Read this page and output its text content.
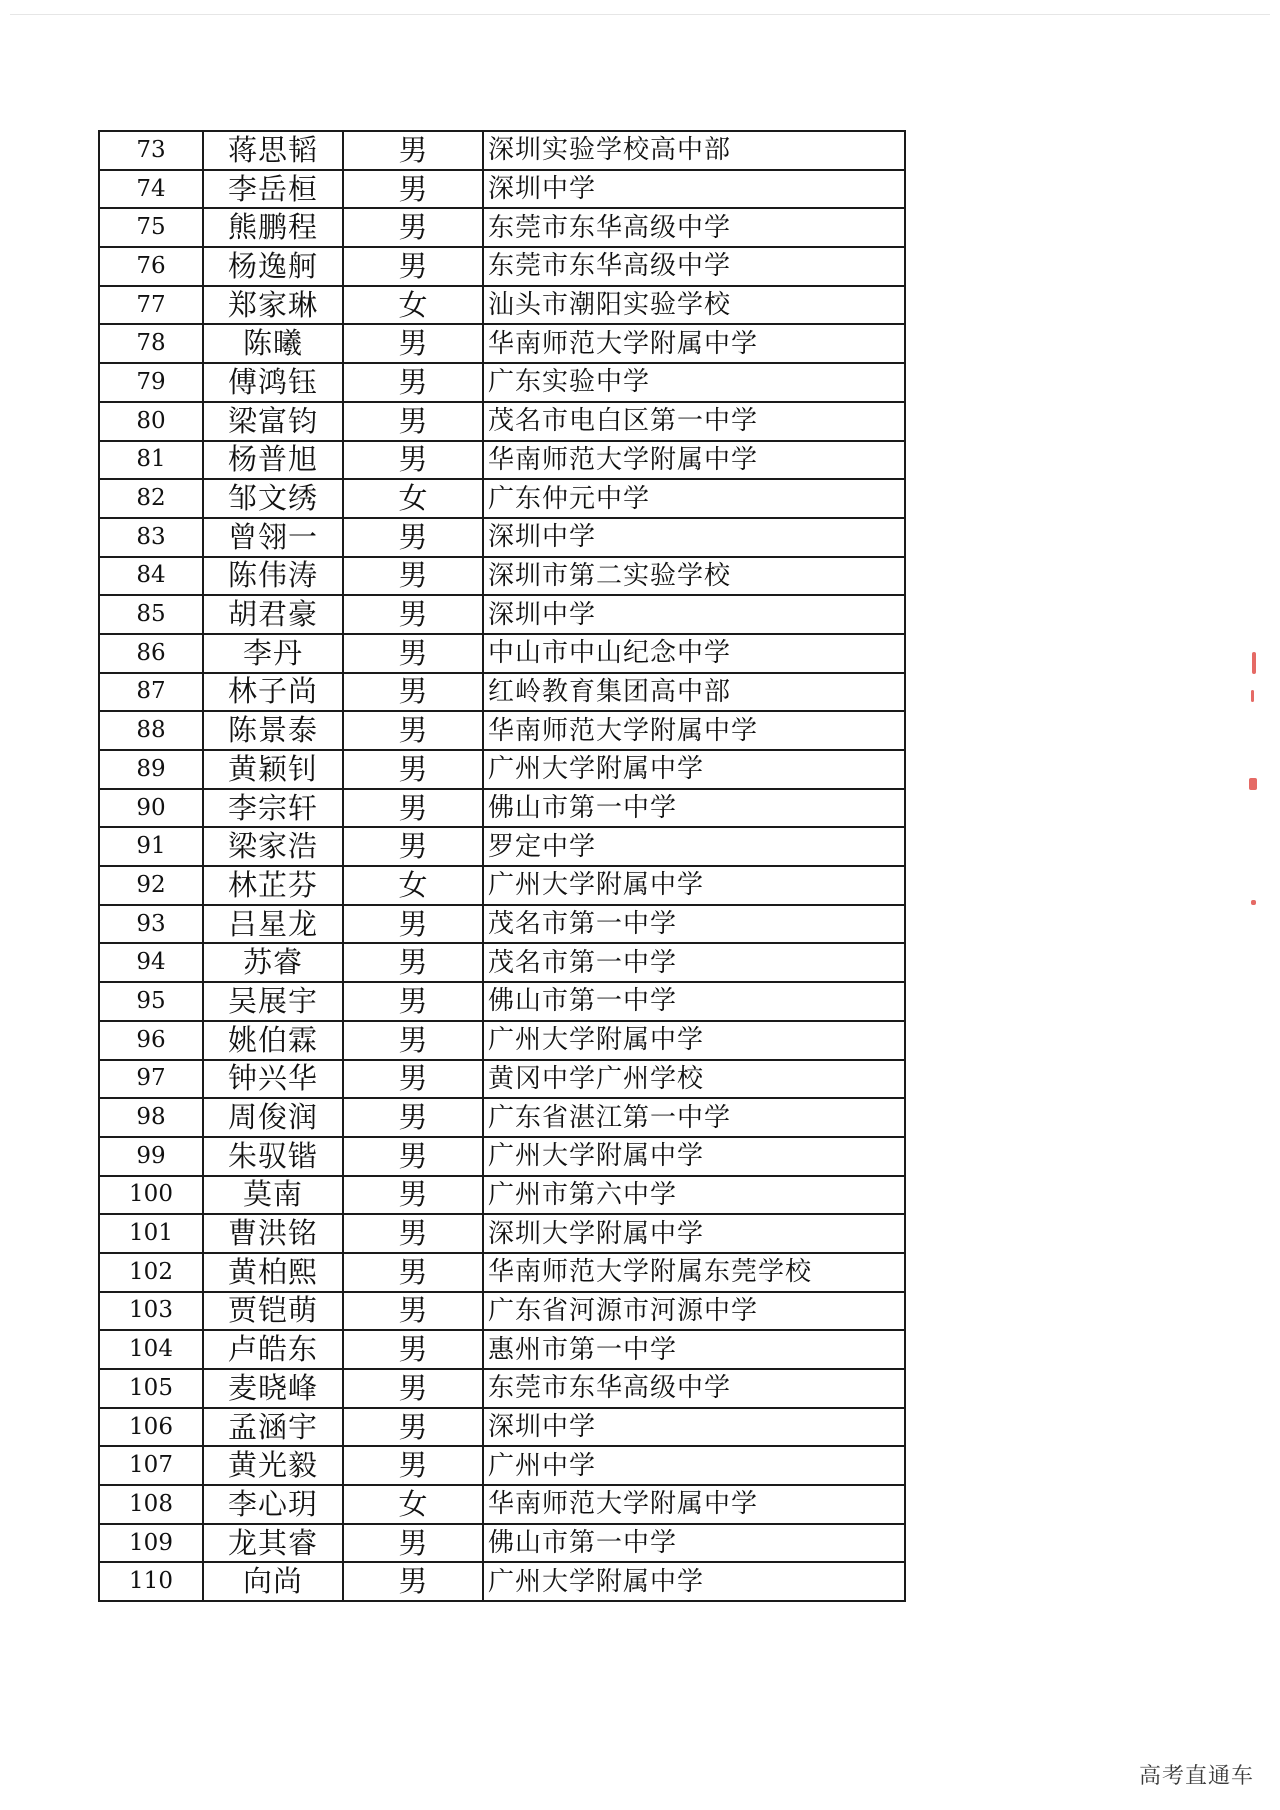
73	蒋思韬	男	深圳实验学校高中部
74	李岳桓	男	深圳中学
75	熊鹏程	男	东莞市东华高级中学
76	杨逸舸	男	东莞市东华高级中学
77	郑家琳	女	汕头市潮阳实验学校
78	陈曦	男	华南师范大学附属中学
79	傅鸿钰	男	广东实验中学
80	梁富钧	男	茂名市电白区第一中学
81	杨普旭	男	华南师范大学附属中学
82	邹文绣	女	广东仲元中学
83	曾翎一	男	深圳中学
84	陈伟涛	男	深圳市第二实验学校
85	胡君豪	男	深圳中学
86	李丹	男	中山市中山纪念中学
87	林子尚	男	红岭教育集团高中部
88	陈景泰	男	华南师范大学附属中学
89	黄颖钊	男	广州大学附属中学
90	李宗轩	男	佛山市第一中学
91	梁家浩	男	罗定中学
92	林芷芬	女	广州大学附属中学
93	吕星龙	男	茂名市第一中学
94	苏睿	男	茂名市第一中学
95	吴展宇	男	佛山市第一中学
96	姚伯霖	男	广州大学附属中学
97	钟兴华	男	黄冈中学广州学校
98	周俊润	男	广东省湛江第一中学
99	朱驭锴	男	广州大学附属中学
100	莫南	男	广州市第六中学
101	曹洪铭	男	深圳大学附属中学
102	黄柏熙	男	华南师范大学附属东莞学校
103	贾铠萌	男	广东省河源市河源中学
104	卢皓东	男	惠州市第一中学
105	麦晓峰	男	东莞市东华高级中学
106	孟涵宇	男	深圳中学
107	黄光毅	男	广州中学
108	李心玥	女	华南师范大学附属中学
109	龙其睿	男	佛山市第一中学
110	向尚	男	广州大学附属中学
高考直通车
